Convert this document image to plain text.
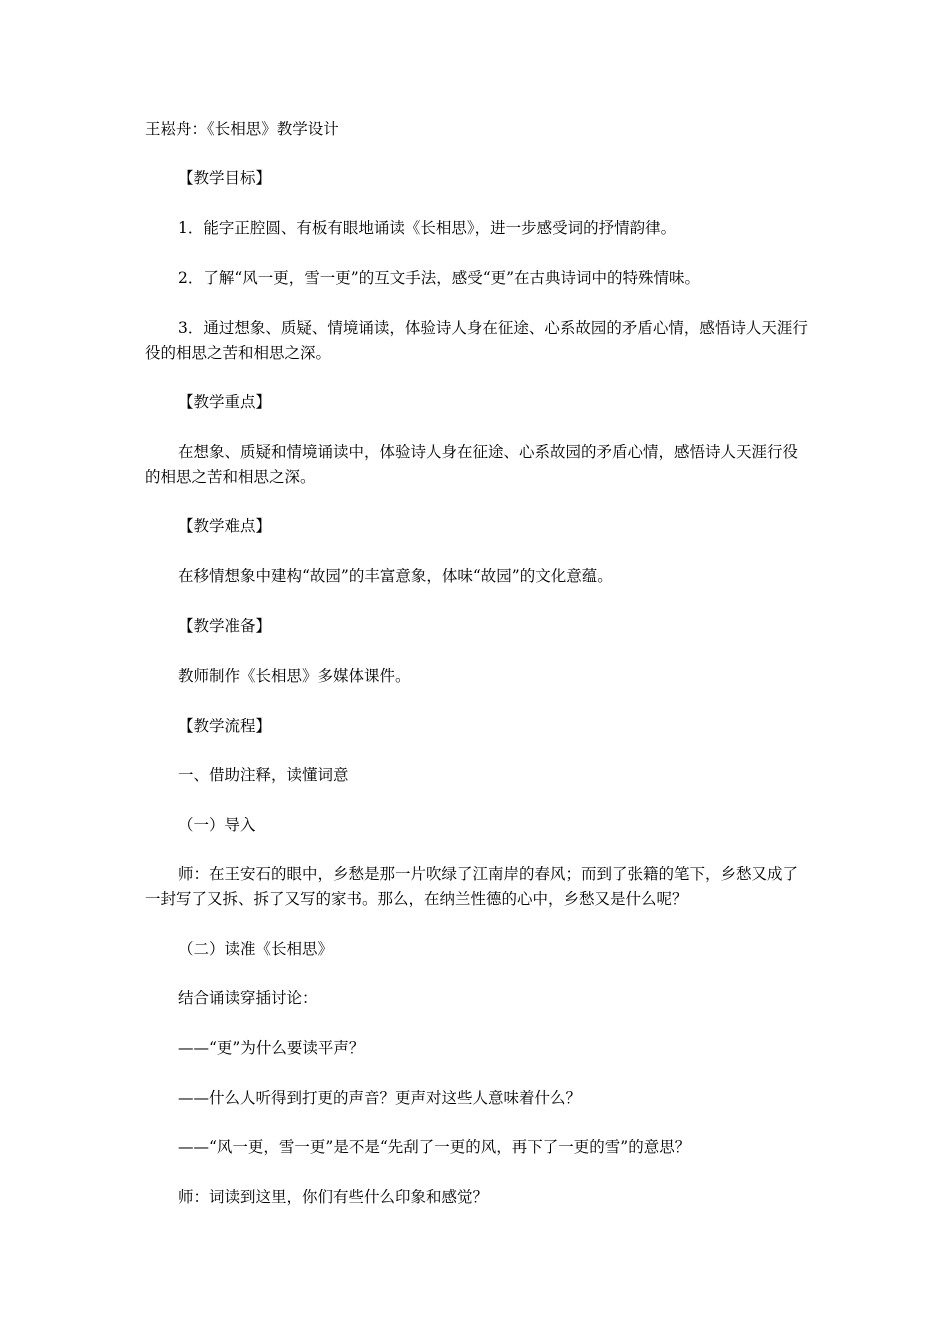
王崧舟：《长相思》教学设计

【教学目标】

1．能字正腔圆、有板有眼地诵读《长相思》，进一步感受词的抒情韵律。

2．了解“风一更，雪一更”的互文手法，感受“更”在古典诗词中的特殊情味。

3．通过想象、质疑、情境诵读，体验诗人身在征途、心系故园的矛盾心情，感悟诗人天涯行役的相思之苦和相思之深。

【教学重点】

在想象、质疑和情境诵读中，体验诗人身在征途、心系故园的矛盾心情，感悟诗人天涯行役的相思之苦和相思之深。

【教学难点】

在移情想象中建构“故园”的丰富意象，体味“故园”的文化意蕴。

【教学准备】

教师制作《长相思》多媒体课件。

【教学流程】

一、借助注释，读懂词意

（一）导入

师：在王安石的眼中，乡愁是那一片吹绿了江南岸的春风；而到了张籍的笔下，乡愁又成了一封写了又拆、拆了又写的家书。那么，在纳兰性德的心中，乡愁又是什么呢？

（二）读准《长相思》

结合诵读穿插讨论：

——“更”为什么要读平声？

——什么人听得到打更的声音？更声对这些人意味着什么？

——“风一更，雪一更”是不是“先刮了一更的风，再下了一更的雪”的意思？

师：词读到这里，你们有些什么印象和感觉？
